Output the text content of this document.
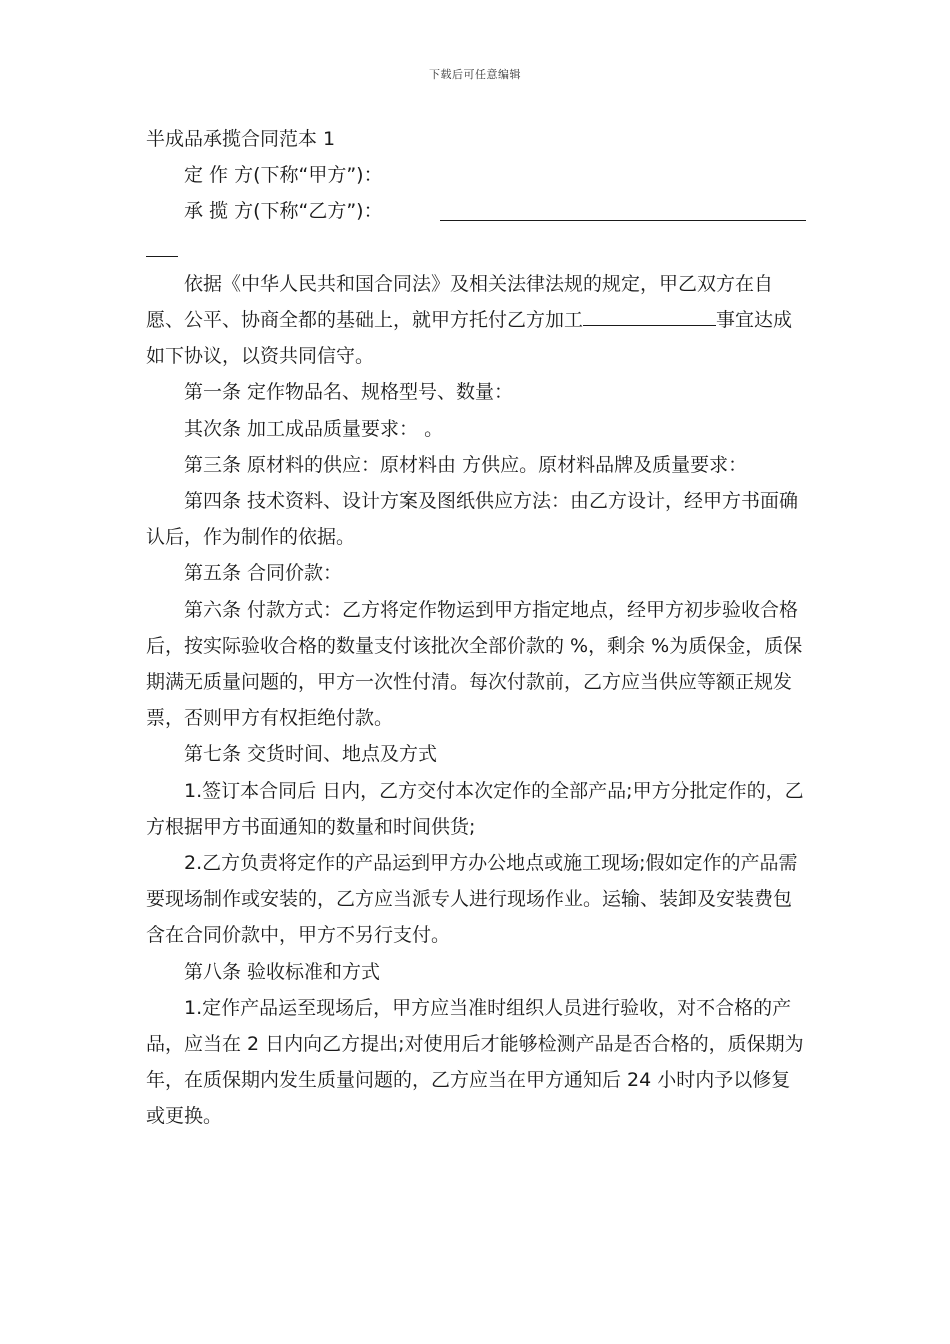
下载后可任意编辑

半成品承揽合同范本 1

定 作 方(下称“甲方”)：

承 揽 方(下称“乙方”)：

依据《中华人民共和国合同法》及相关法律法规的规定，甲乙双方在自愿、公平、协商全都的基础上，就甲方托付乙方加工	事宜达成如下协议，以资共同信守。

第一条 定作物品名、规格型号、数量：

其次条 加工成品质量要求： 。

第三条 原材料的供应：原材料由 方供应。原材料品牌及质量要求：

第四条 技术资料、设计方案及图纸供应方法：由乙方设计，经甲方书面确认后，作为制作的依据。

第五条 合同价款：

第六条 付款方式：乙方将定作物运到甲方指定地点，经甲方初步验收合格后，按实际验收合格的数量支付该批次全部价款的 %，剩余 %为质保金，质保期满无质量问题的，甲方一次性付清。每次付款前，乙方应当供应等额正规发票，否则甲方有权拒绝付款。

第七条 交货时间、地点及方式

1.签订本合同后 日内，乙方交付本次定作的全部产品;甲方分批定作的，乙方根据甲方书面通知的数量和时间供货;

2.乙方负责将定作的产品运到甲方办公地点或施工现场;假如定作的产品需要现场制作或安装的，乙方应当派专人进行现场作业。运输、装卸及安装费包含在合同价款中，甲方不另行支付。

第八条 验收标准和方式

1.定作产品运至现场后，甲方应当准时组织人员进行验收，对不合格的产品，应当在 2 日内向乙方提出;对使用后才能够检测产品是否合格的，质保期为 年，在质保期内发生质量问题的，乙方应当在甲方通知后 24 小时内予以修复或更换。
